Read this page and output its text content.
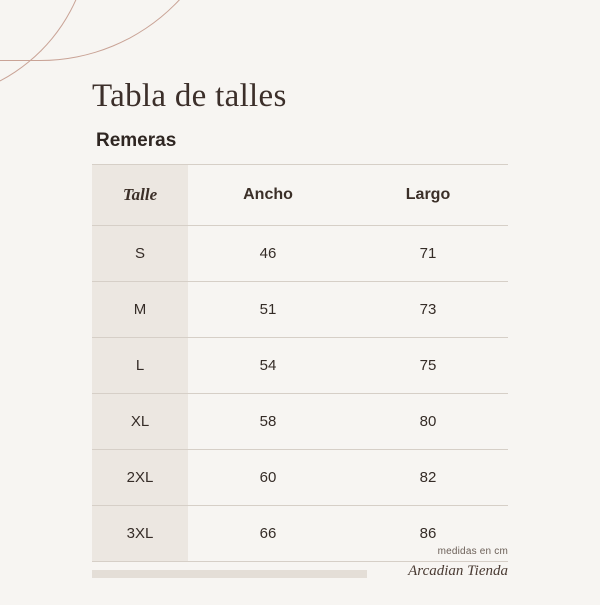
Tabla de talles
Remeras
Talle	Ancho	Largo
S	46	71
M	51	73
L	54	75
XL	58	80
2XL	60	82
3XL	66	86
medidas en cm
Arcadian Tienda
